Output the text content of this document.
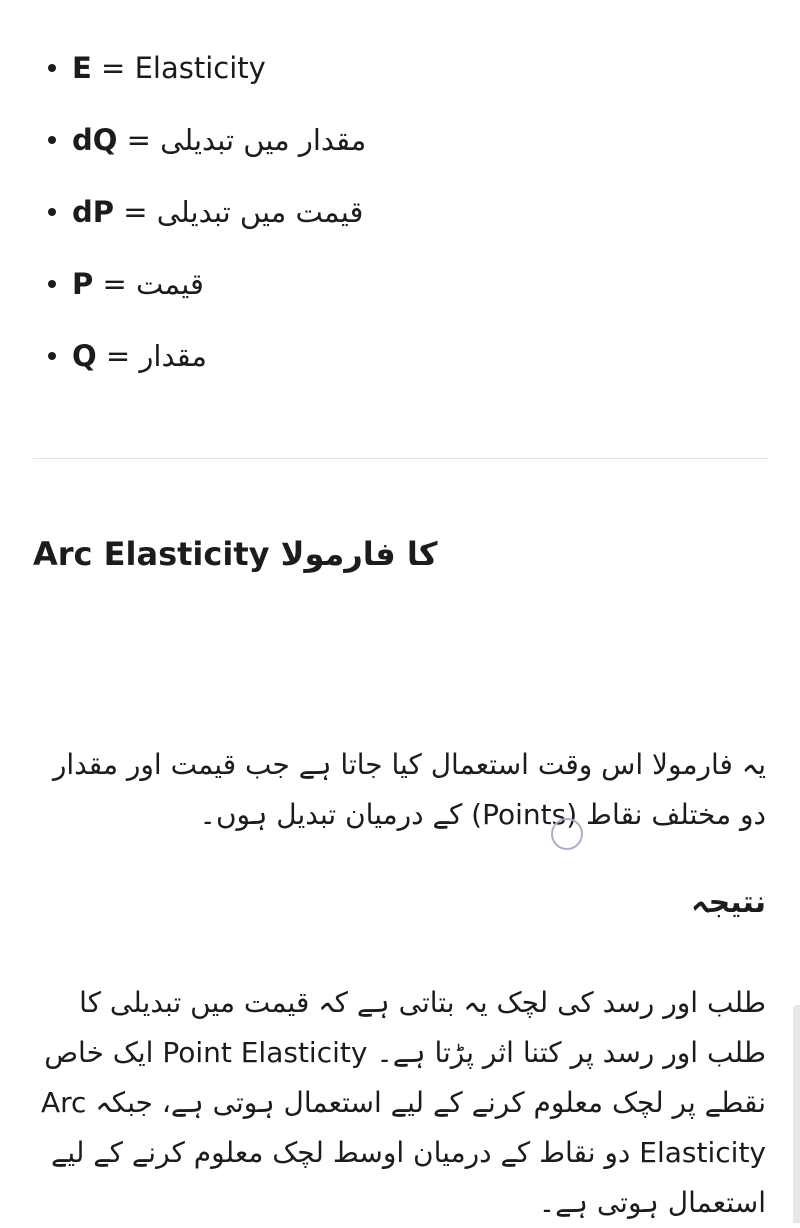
E = Elasticity
dQ = مقدار میں تبدیلی
dP = قیمت میں تبدیلی
P = قیمت
Q = مقدار
Arc Elasticity کا فارمولا

یہ فارمولا اس وقت استعمال کیا جاتا ہے جب قیمت اور مقدار دو مختلف نقاط (Points) کے درمیان تبدیل ہوں۔

نتیجہ

طلب اور رسد کی لچک یہ بتاتی ہے کہ قیمت میں تبدیلی کا طلب اور رسد پر کتنا اثر پڑتا ہے۔ Point Elasticity ایک خاص نقطے پر لچک معلوم کرنے کے لیے استعمال ہوتی ہے، جبکہ Arc Elasticity دو نقاط کے درمیان اوسط لچک معلوم کرنے کے لیے استعمال ہوتی ہے۔
